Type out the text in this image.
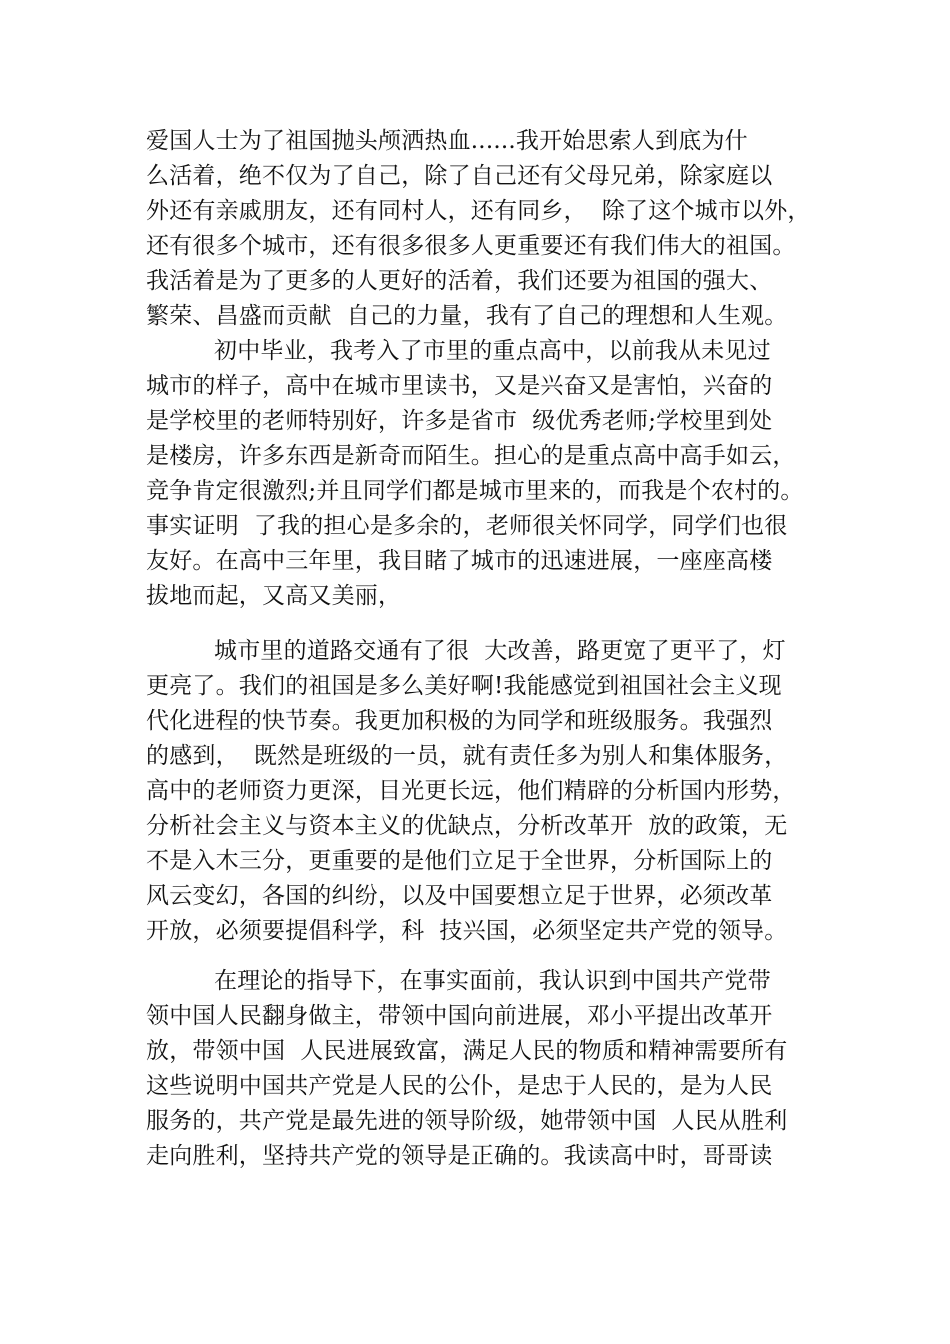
爱国人士为了祖国抛头颅洒热血......我开始思索人到底为什
么活着，绝不仅为了自己，除了自己还有父母兄弟，除家庭以
外还有亲戚朋友，还有同村人，还有同乡，  除了这个城市以外，
还有很多个城市，还有很多很多人更重要还有我们伟大的祖国。
我活着是为了更多的人更好的活着，我们还要为祖国的强大、
繁荣、昌盛而贡献  自己的力量，我有了自己的理想和人生观。
初中毕业，我考入了市里的重点高中，以前我从未见过
城市的样子，高中在城市里读书，又是兴奋又是害怕，兴奋的
是学校里的老师特别好，许多是省市  级优秀老师;学校里到处
是楼房，许多东西是新奇而陌生。担心的是重点高中高手如云，
竞争肯定很激烈;并且同学们都是城市里来的，而我是个农村的。
事实证明  了我的担心是多余的，老师很关怀同学，同学们也很
友好。在高中三年里，我目睹了城市的迅速进展，一座座高楼
拔地而起，又高又美丽，
城市里的道路交通有了很  大改善，路更宽了更平了，灯
更亮了。我们的祖国是多么美好啊!我能感觉到祖国社会主义现
代化进程的快节奏。我更加积极的为同学和班级服务。我强烈
的感到，  既然是班级的一员，就有责任多为别人和集体服务，
高中的老师资力更深，目光更长远，他们精辟的分析国内形势，
分析社会主义与资本主义的优缺点，分析改革开  放的政策，无
不是入木三分，更重要的是他们立足于全世界，分析国际上的
风云变幻，各国的纠纷，以及中国要想立足于世界，必须改革
开放，必须要提倡科学，科  技兴国，必须坚定共产党的领导。
在理论的指导下，在事实面前，我认识到中国共产党带
领中国人民翻身做主，带领中国向前进展，邓小平提出改革开
放，带领中国  人民进展致富，满足人民的物质和精神需要所有
这些说明中国共产党是人民的公仆，是忠于人民的，是为人民
服务的，共产党是最先进的领导阶级，她带领中国  人民从胜利
走向胜利，坚持共产党的领导是正确的。我读高中时，哥哥读
